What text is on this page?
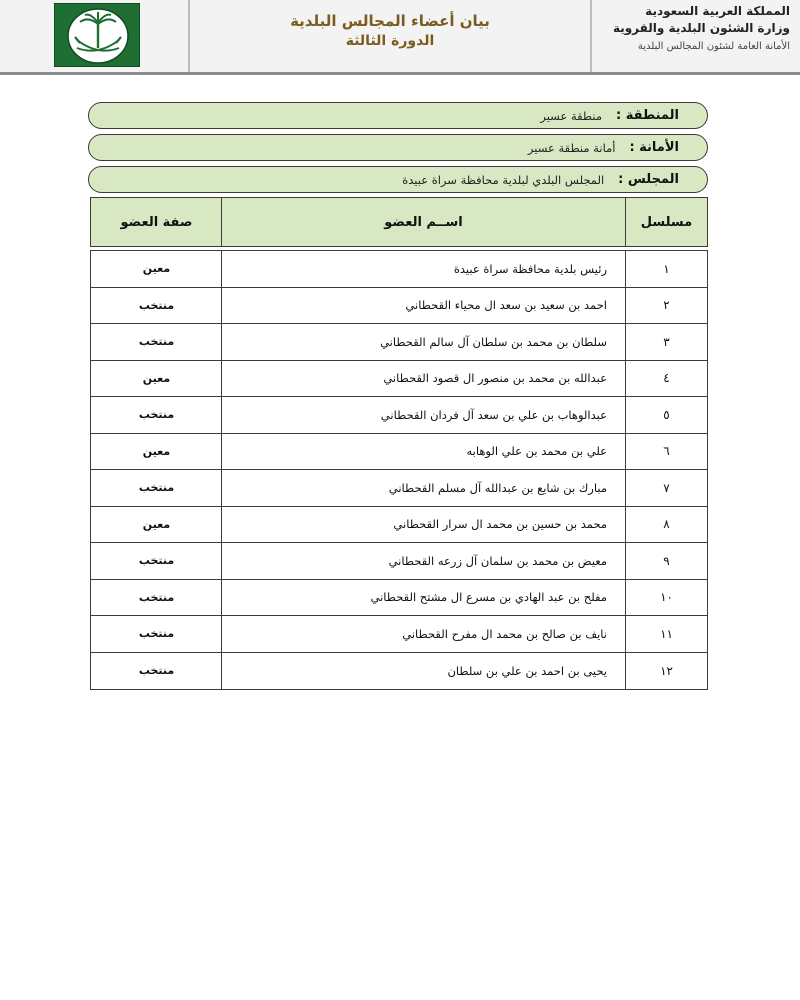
المملكة العربية السعودية
وزارة الشئون البلدية والقروية
الأمانة العامة لشئون المجالس البلدية
بيان أعضاء المجالس البلدية
الدورة الثالثة
المنطقة :
منطقة عسير
الأمانة :
أمانة منطقة عسير
المجلس :
المجلس البلدي لبلدية محافظة سراة عبيدة
مسلسل
اســم العضو
صفة العضو
١
رئيس بلدية محافظة سراة عبيدة
معين
٢
احمد بن سعيد بن سعد ال محياء القحطاني
منتخب
٣
سلطان بن محمد بن سلطان آل سالم القحطاني
منتخب
٤
عبدالله بن محمد بن منصور ال قصود القحطاني
معين
٥
عبدالوهاب بن علي بن سعد آل فردان القحطاني
منتخب
٦
علي بن محمد بن علي الوهابه
معين
٧
مبارك بن شايع بن عبدالله آل مسلم القحطاني
منتخب
٨
محمد بن حسين بن محمد ال سرار القحطاني
معين
٩
معيض بن محمد بن سلمان آل زرعه القحطاني
منتخب
١٠
مفلح بن عبد الهادي بن مسرع ال مشتح القحطاني
منتخب
١١
نايف بن صالح بن محمد ال مفرح القحطاني
منتخب
١٢
يحيى بن احمد بن علي بن سلطان
منتخب
